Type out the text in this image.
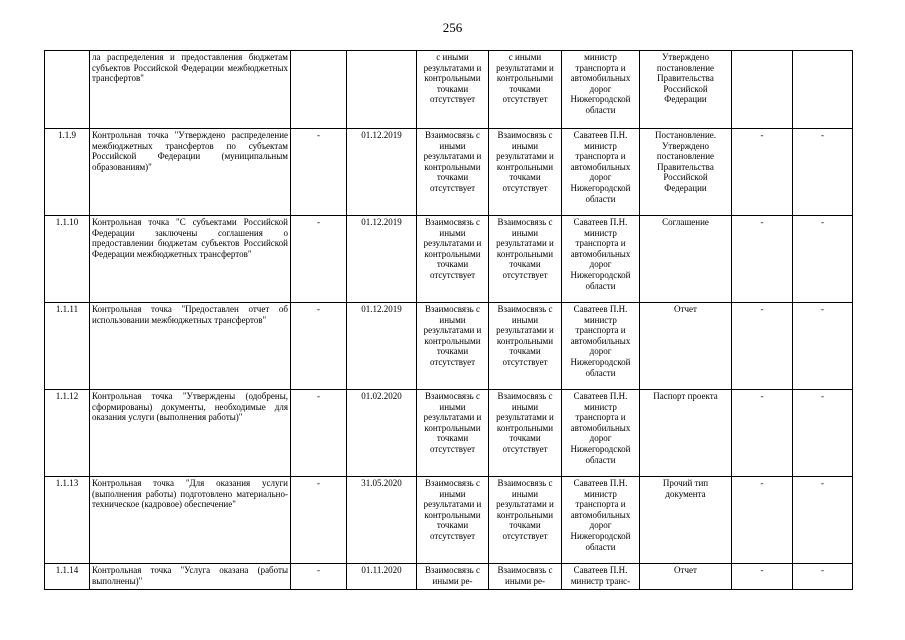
256
	ла распределения и предоставления бюджетам субъектов Российской Федерации межбюджетных трансфертов"			с иными результатами и контрольными точками отсутствует	с иными результатами и контрольными точками отсутствует	министр транспорта и автомобильных дорог Нижегородской области	Утверждено постановление Правительства Российской Федерации		
1.1.9	Контрольная точка "Утверждено распределение межбюджетных трансфертов по субъектам Российской Федерации (муниципальным образованиям)"	-	01.12.2019	Взаимосвязь с иными результатами и контрольными точками отсутствует	Взаимосвязь с иными результатами и контрольными точками отсутствует	Саватеев П.Н. министр транспорта и автомобильных дорог Нижегородской области	Постановление. Утверждено постановление Правительства Российской Федерации	-	-
1.1.10	Контрольная точка "С субъектами Российской Федерации заключены соглашения о предоставлении бюджетам субъектов Российской Федерации межбюджетных трансфертов"	-	01.12.2019	Взаимосвязь с иными результатами и контрольными точками отсутствует	Взаимосвязь с иными результатами и контрольными точками отсутствует	Саватеев П.Н. министр транспорта и автомобильных дорог Нижегородской области	Соглашение	-	-
1.1.11	Контрольная точка "Предоставлен отчет об использовании межбюджетных трансфертов"	-	01.12.2019	Взаимосвязь с иными результатами и контрольными точками отсутствует	Взаимосвязь с иными результатами и контрольными точками отсутствует	Саватеев П.Н. министр транспорта и автомобильных дорог Нижегородской области	Отчет	-	-
1.1.12	Контрольная точка "Утверждены (одобрены, сформированы) документы, необходимые для оказания услуги (выполнения работы)"	-	01.02.2020	Взаимосвязь с иными результатами и контрольными точками отсутствует	Взаимосвязь с иными результатами и контрольными точками отсутствует	Саватеев П.Н. министр транспорта и автомобильных дорог Нижегородской области	Паспорт проекта	-	-
1.1.13	Контрольная точка "Для оказания услуги (выполнения работы) подготовлено материально-техническое (кадровое) обеспечение"	-	31.05.2020	Взаимосвязь с иными результатами и контрольными точками отсутствует	Взаимосвязь с иными результатами и контрольными точками отсутствует	Саватеев П.Н. министр транспорта и автомобильных дорог Нижегородской области	Прочий тип документа	-	-
1.1.14	Контрольная точка "Услуга оказана (работы выполнены)"	-	01.11.2020	Взаимосвязь с иными ре-	Взаимосвязь с иными ре-	Саватеев П.Н. министр транс-	Отчет	-	-
